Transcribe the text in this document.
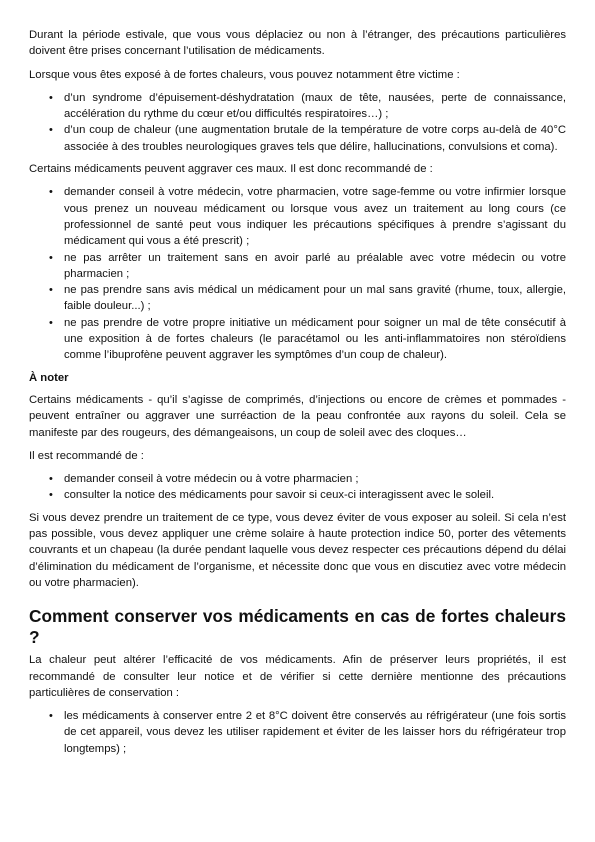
Durant la période estivale, que vous vous déplaciez ou non à l’étranger, des précautions particulières doivent être prises concernant l’utilisation de médicaments.

Lorsque vous êtes exposé à de fortes chaleurs, vous pouvez notamment être victime :

• d’un syndrome d’épuisement-déshydratation (maux de tête, nausées, perte de connaissance, accélération du rythme du cœur et/ou difficultés respiratoires…) ;
• d’un coup de chaleur (une augmentation brutale de la température de votre corps au-delà de 40°C associée à des troubles neurologiques graves tels que délire, hallucinations, convulsions et coma).

Certains médicaments peuvent aggraver ces maux. Il est donc recommandé de :

• demander conseil à votre médecin, votre pharmacien, votre sage-femme ou votre infirmier lorsque vous prenez un nouveau médicament ou lorsque vous avez un traitement au long cours (ce professionnel de santé peut vous indiquer les précautions spécifiques à prendre s’agissant du médicament qui vous a été prescrit) ;
• ne pas arrêter un traitement sans en avoir parlé au préalable avec votre médecin ou votre pharmacien ;
• ne pas prendre sans avis médical un médicament pour un mal sans gravité (rhume, toux, allergie, faible douleur...) ;
• ne pas prendre de votre propre initiative un médicament pour soigner un mal de tête consécutif à une exposition à de fortes chaleurs (le paracétamol ou les anti-inflammatoires non stéroïdiens comme l’ibuprofène peuvent aggraver les symptômes d’un coup de chaleur).

À noter

Certains médicaments - qu’il s’agisse de comprimés, d’injections ou encore de crèmes et pommades - peuvent entraîner ou aggraver une surréaction de la peau confrontée aux rayons du soleil. Cela se manifeste par des rougeurs, des démangeaisons, un coup de soleil avec des cloques…

Il est recommandé de :

• demander conseil à votre médecin ou à votre pharmacien ;
• consulter la notice des médicaments pour savoir si ceux-ci interagissent avec le soleil.

Si vous devez prendre un traitement de ce type, vous devez éviter de vous exposer au soleil. Si cela n’est pas possible, vous devez appliquer une crème solaire à haute protection indice 50, porter des vêtements couvrants et un chapeau (la durée pendant laquelle vous devez respecter ces précautions dépend du délai d’élimination du médicament de l’organisme, et nécessite donc que vous en discutiez avec votre médecin ou votre pharmacien).

Comment conserver vos médicaments en cas de fortes chaleurs ?

La chaleur peut altérer l’efficacité de vos médicaments. Afin de préserver leurs propriétés, il est recommandé de consulter leur notice et de vérifier si cette dernière mentionne des précautions particulières de conservation :

• les médicaments à conserver entre 2 et 8°C doivent être conservés au réfrigérateur (une fois sortis de cet appareil, vous devez les utiliser rapidement et éviter de les laisser hors du réfrigérateur trop longtemps) ;
